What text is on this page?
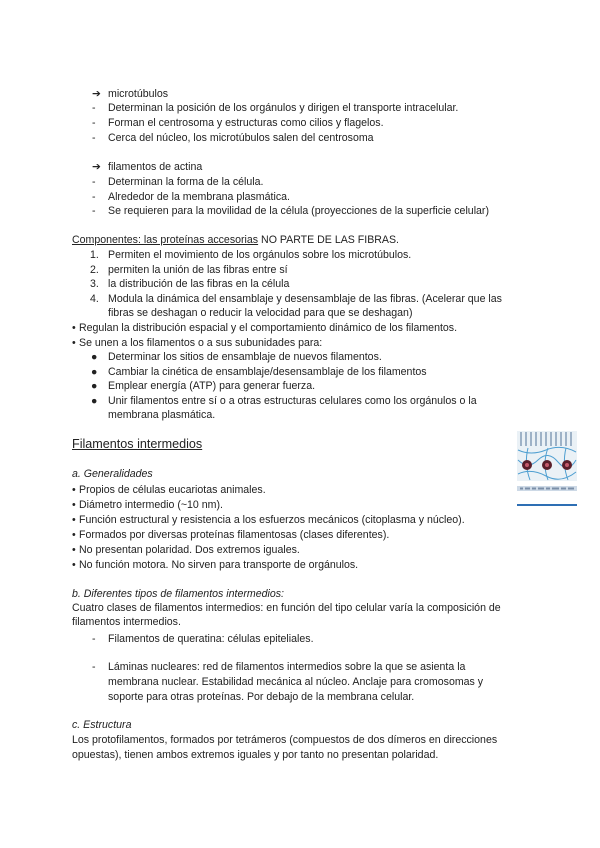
➔ microtúbulos
- Determinan la posición de los orgánulos y dirigen el transporte intracelular.
- Forman el centrosoma y estructuras como cilios y flagelos.
- Cerca del núcleo, los microtúbulos salen del centrosoma
➔ filamentos de actina
- Determinan la forma de la célula.
- Alrededor de la membrana plasmática.
- Se requieren para la movilidad de la célula (proyecciones de la superficie celular)
Componentes: las proteínas accesorias NO PARTE DE LAS FIBRAS.
1. Permiten el movimiento de los orgánulos sobre los microtúbulos.
2. permiten la unión de las fibras entre sí
3. la distribución de las fibras en la célula
4. Modula la dinámica del ensamblaje y desensamblaje de las fibras. (Acelerar que las fibras se deshagan o reducir la velocidad para que se deshagan)
• Regulan la distribución espacial y el comportamiento dinámico de los filamentos.
• Se unen a los filamentos o a sus subunidades para:
● Determinar los sitios de ensamblaje de nuevos filamentos.
● Cambiar la cinética de ensamblaje/desensamblaje de los filamentos
● Emplear energía (ATP) para generar fuerza.
● Unir filamentos entre sí o a otras estructuras celulares como los orgánulos o la membrana plasmática.
Filamentos intermedios
a. Generalidades
• Propios de células eucariotas animales.
• Diámetro intermedio (~10 nm).
• Función estructural y resistencia a los esfuerzos mecánicos (citoplasma y núcleo).
• Formados por diversas proteínas filamentosas (clases diferentes).
• No presentan polaridad. Dos extremos iguales.
• No función motora. No sirven para transporte de orgánulos.
b. Diferentes tipos de filamentos intermedios:
Cuatro clases de filamentos intermedios: en función del tipo celular varía la composición de filamentos intermedios.
- Filamentos de queratina: células epiteliales.
- Láminas nucleares: red de filamentos intermedios sobre la que se asienta la membrana nuclear. Estabilidad mecánica al núcleo. Anclaje para cromosomas y soporte para otras proteínas. Por debajo de la membrana celular.
c. Estructura
Los protofilamentos, formados por tetrámeros (compuestos de dos dímeros en direcciones opuestas), tienen ambos extremos iguales y por tanto no presentan polaridad.
